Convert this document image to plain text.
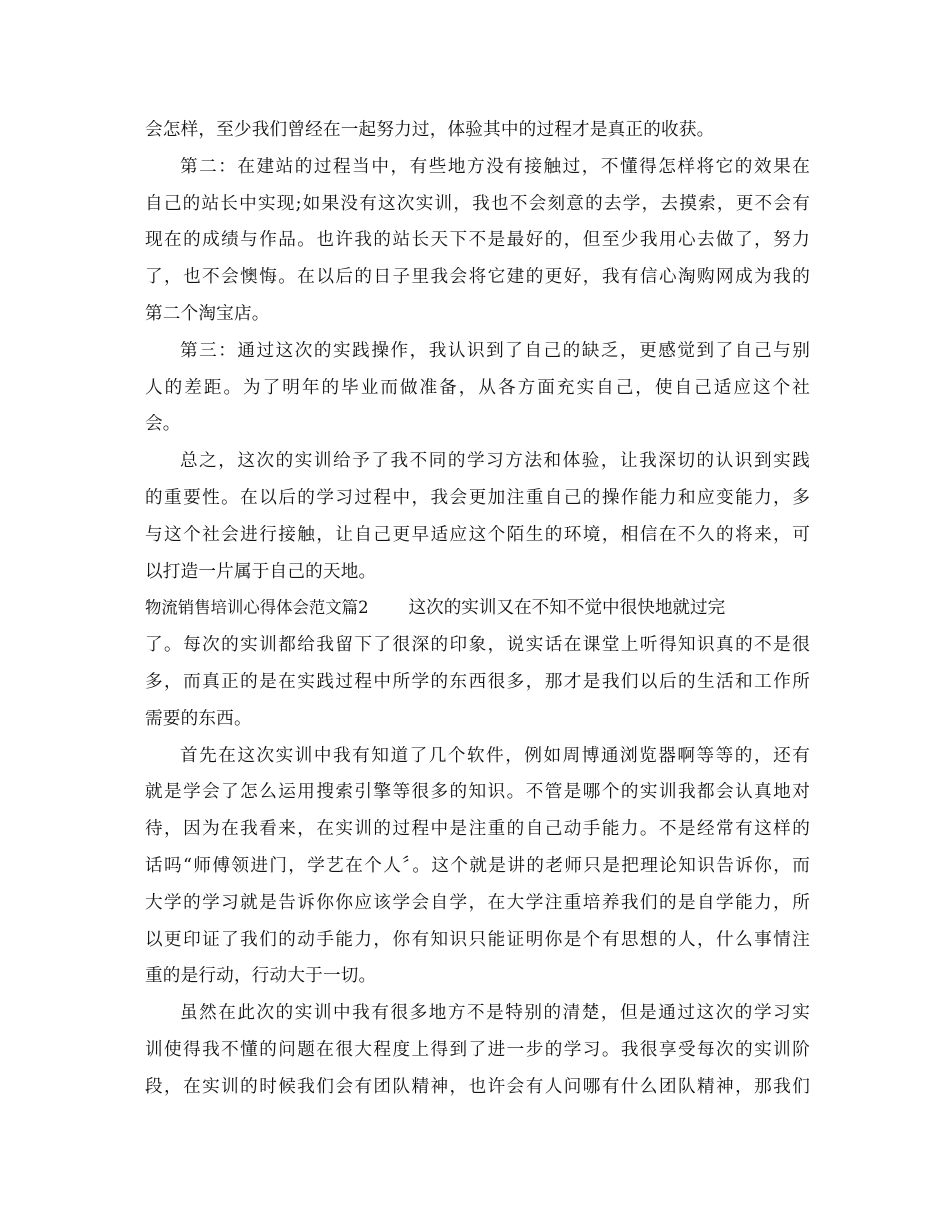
会怎样，至少我们曾经在一起努力过，体验其中的过程才是真正的收获。
第二：在建站的过程当中，有些地方没有接触过，不懂得怎样将它的效果在
自己的站长中实现;如果没有这次实训，我也不会刻意的去学，去摸索，更不会有
现在的成绩与作品。也许我的站长天下不是最好的，但至少我用心去做了，努力
了，也不会懊悔。在以后的日子里我会将它建的更好，我有信心淘购网成为我的
第二个淘宝店。
第三：通过这次的实践操作，我认识到了自己的缺乏，更感觉到了自己与别
人的差距。为了明年的毕业而做准备，从各方面充实自己，使自己适应这个社
会。
总之，这次的实训给予了我不同的学习方法和体验，让我深切的认识到实践
的重要性。在以后的学习过程中，我会更加注重自己的操作能力和应变能力，多
与这个社会进行接触，让自己更早适应这个陌生的环境，相信在不久的将来，可
以打造一片属于自己的天地。
物流销售培训心得体会范文篇2 这次的实训又在不知不觉中很快地就过完
了。每次的实训都给我留下了很深的印象，说实话在课堂上听得知识真的不是很
多，而真正的是在实践过程中所学的东西很多，那才是我们以后的生活和工作所
需要的东西。
首先在这次实训中我有知道了几个软件，例如周博通浏览器啊等等的，还有
就是学会了怎么运用搜索引擎等很多的知识。不管是哪个的实训我都会认真地对
待，因为在我看来，在实训的过程中是注重的自己动手能力。不是经常有这样的
话吗“师傅领进门，学艺在个人〞。这个就是讲的老师只是把理论知识告诉你，而
大学的学习就是告诉你你应该学会自学，在大学注重培养我们的是自学能力，所
以更印证了我们的动手能力，你有知识只能证明你是个有思想的人，什么事情注
重的是行动，行动大于一切。
虽然在此次的实训中我有很多地方不是特别的清楚，但是通过这次的学习实
训使得我不懂的问题在很大程度上得到了进一步的学习。我很享受每次的实训阶
段，在实训的时候我们会有团队精神，也许会有人问哪有什么团队精神，那我们
